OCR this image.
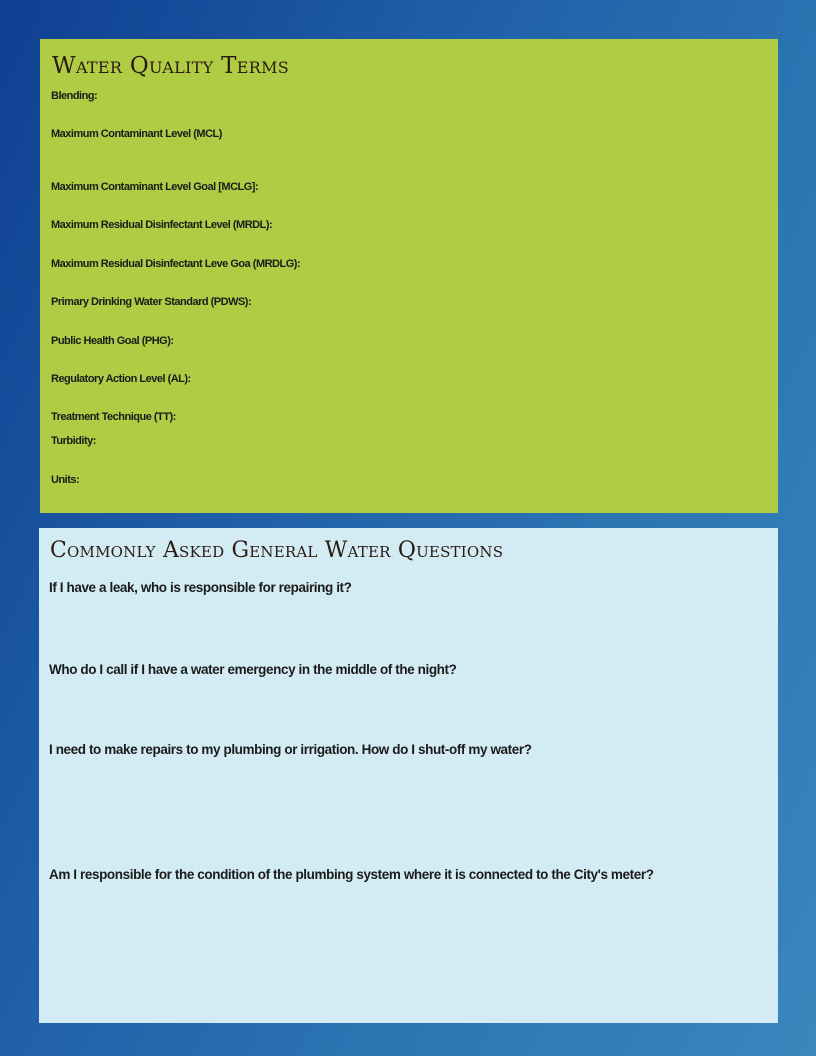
Water Quality Terms
Blending:
Maximum Contaminant Level (MCL)
Maximum Contaminant Level Goal [MCLG]:
Maximum Residual Disinfectant Level (MRDL):
Maximum Residual Disinfectant Leve Goa (MRDLG):
Primary Drinking Water Standard (PDWS):
Public Health Goal (PHG):
Regulatory Action Level (AL):
Treatment Technique (TT):
Turbidity:
Units:
Commonly Asked General Water Questions
If I have a leak, who is responsible for repairing it?
Who do I call if I have a water emergency in the middle of the night?
I need to make repairs to my plumbing or irrigation. How do I shut-off my water?
Am I responsible for the condition of the plumbing system where it is connected to the City's meter?
